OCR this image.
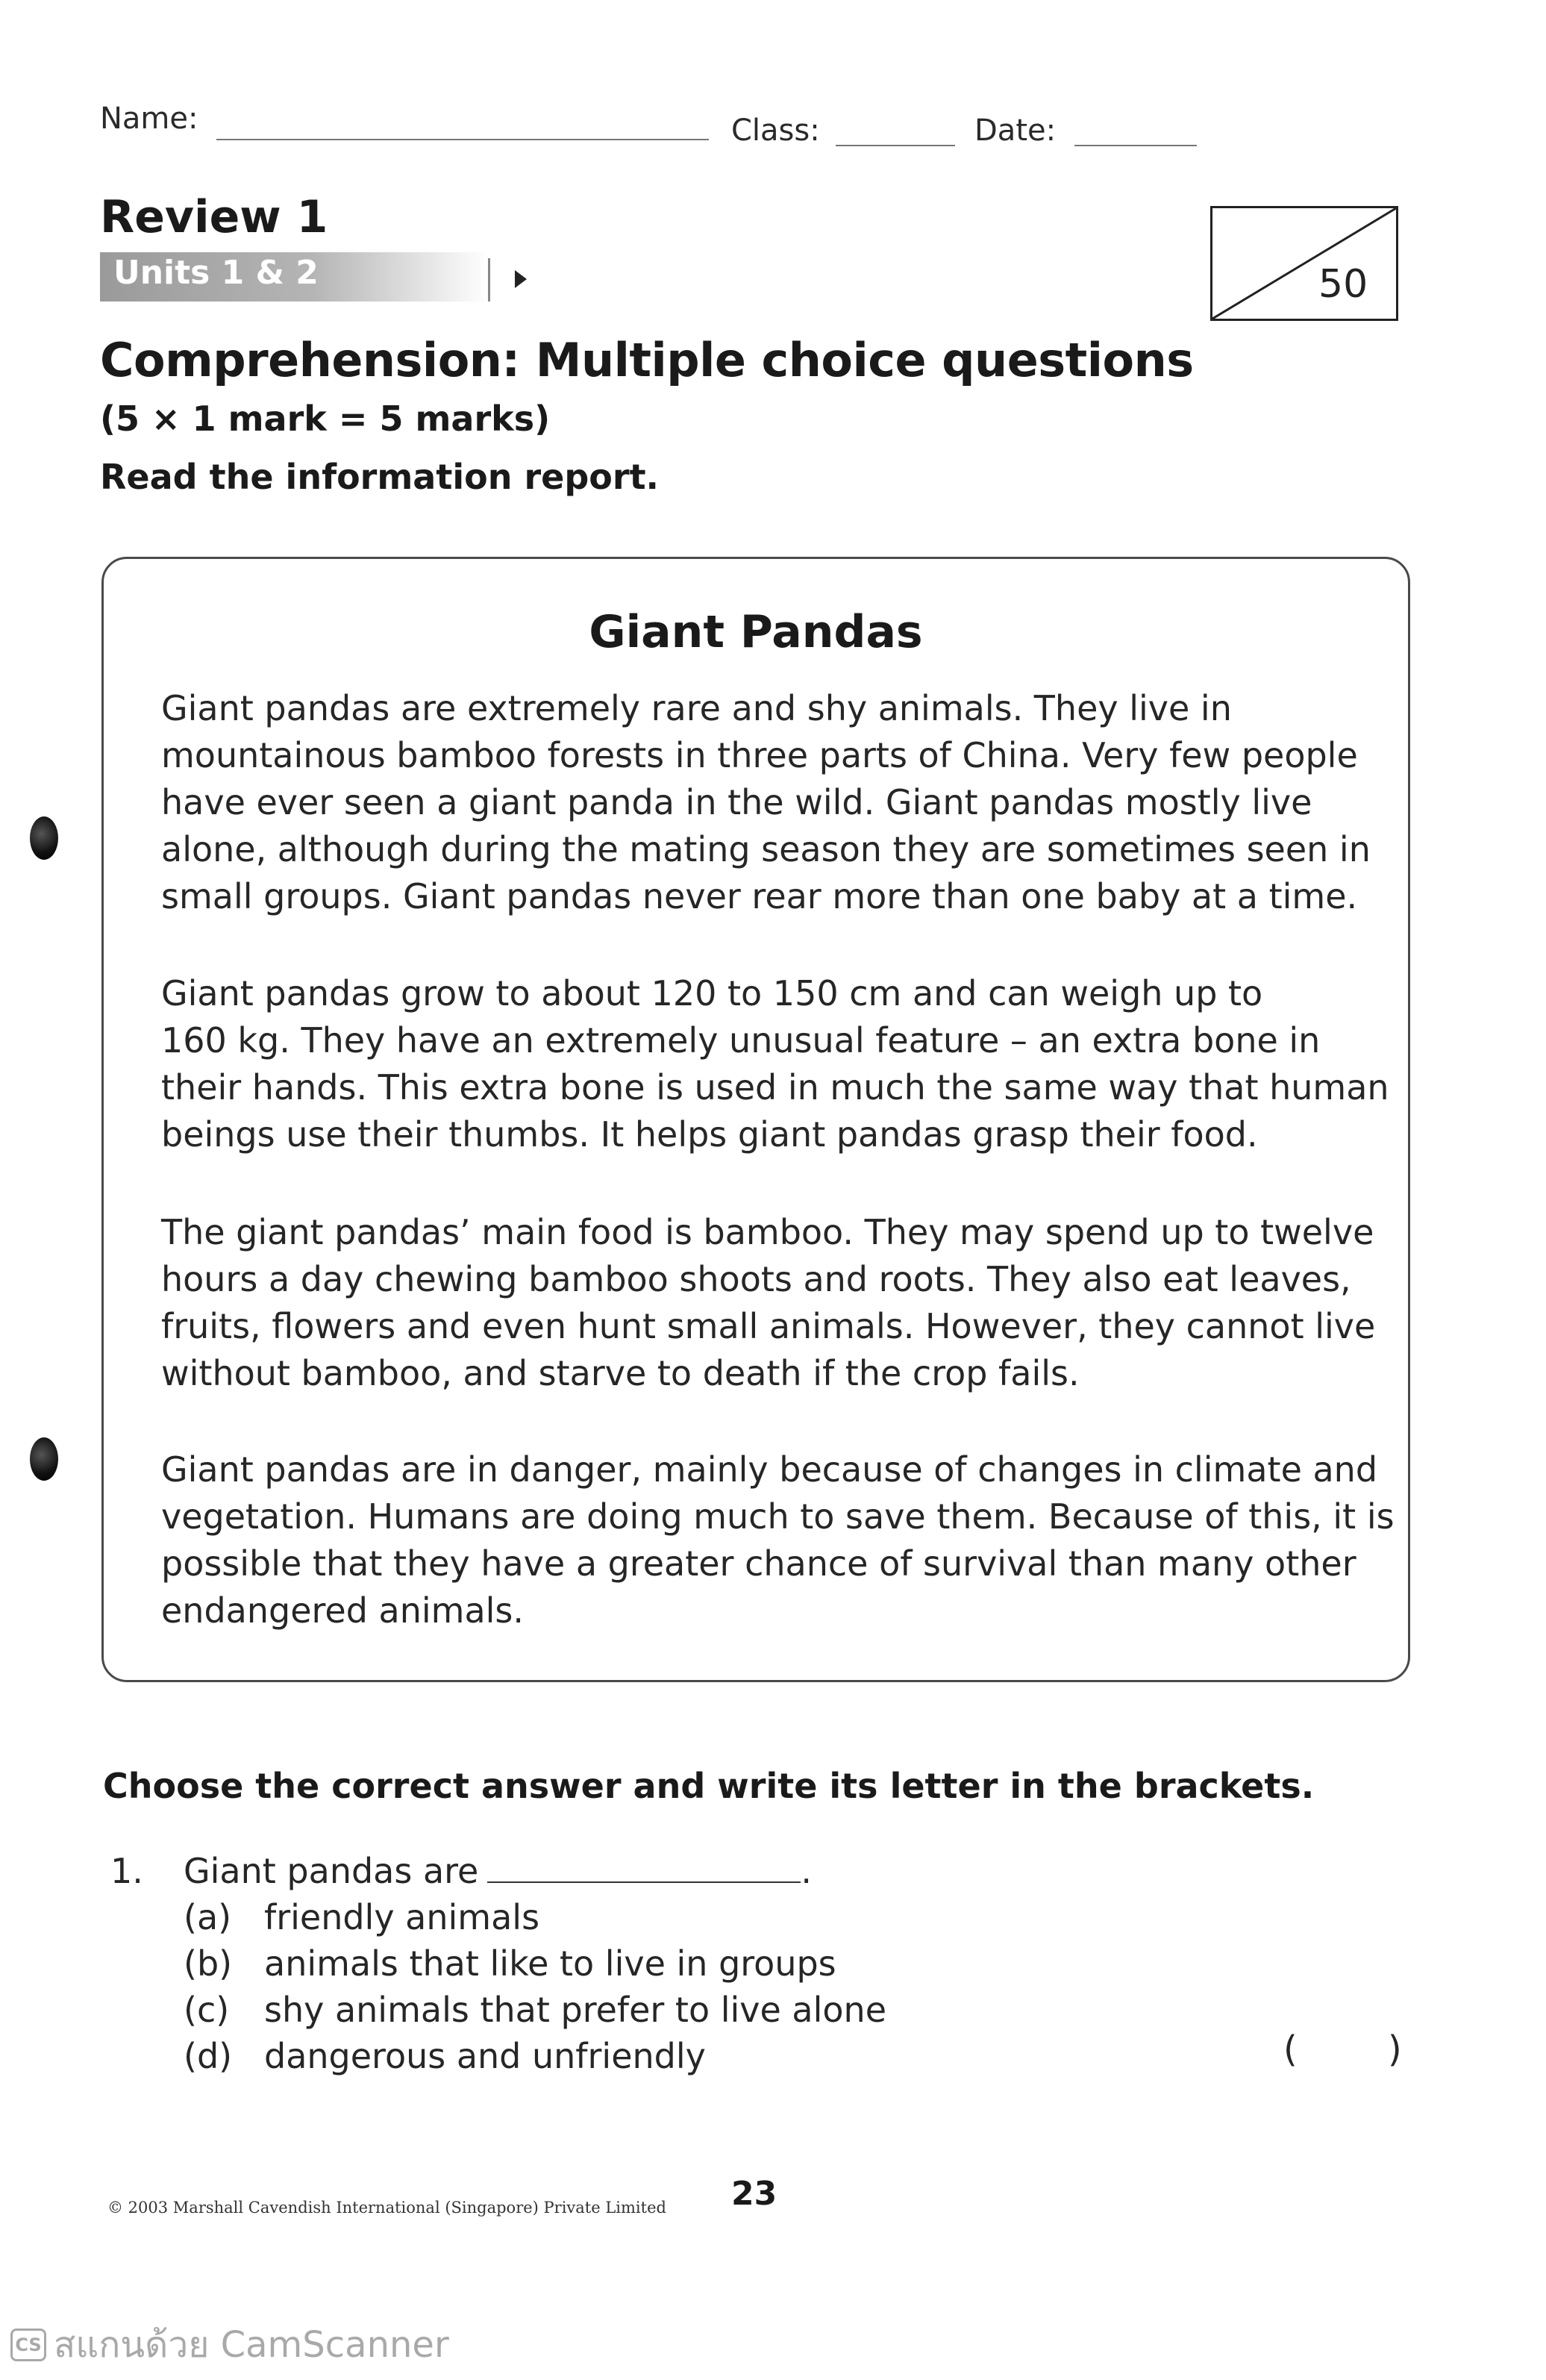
Name:	Class:	Date:
Review 1
Units 1 & 2	50
Comprehension: Multiple choice questions
(5 × 1 mark = 5 marks)
Read the information report.
Giant Pandas
Giant pandas are extremely rare and shy animals. They live in
mountainous bamboo forests in three parts of China. Very few people
have ever seen a giant panda in the wild. Giant pandas mostly live
alone, although during the mating season they are sometimes seen in
small groups. Giant pandas never rear more than one baby at a time.
Giant pandas grow to about 120 to 150 cm and can weigh up to
160 kg. They have an extremely unusual feature – an extra bone in
their hands. This extra bone is used in much the same way that human
beings use their thumbs. It helps giant pandas grasp their food.
The giant pandas’ main food is bamboo. They may spend up to twelve
hours a day chewing bamboo shoots and roots. They also eat leaves,
fruits, flowers and even hunt small animals. However, they cannot live
without bamboo, and starve to death if the crop fails.
Giant pandas are in danger, mainly because of changes in climate and
vegetation. Humans are doing much to save them. Because of this, it is
possible that they have a greater chance of survival than many other
endangered animals.
Choose the correct answer and write its letter in the brackets.
1. Giant pandas are	.
(a) friendly animals
(b) animals that like to live in groups
(c)	shy animals that prefer to live alone
(d) dangerous and unfriendly	(	)
© 2003 Marshall Cavendish International (Singapore) Private Limited 23
CS สแกนด้วย CamScanner
